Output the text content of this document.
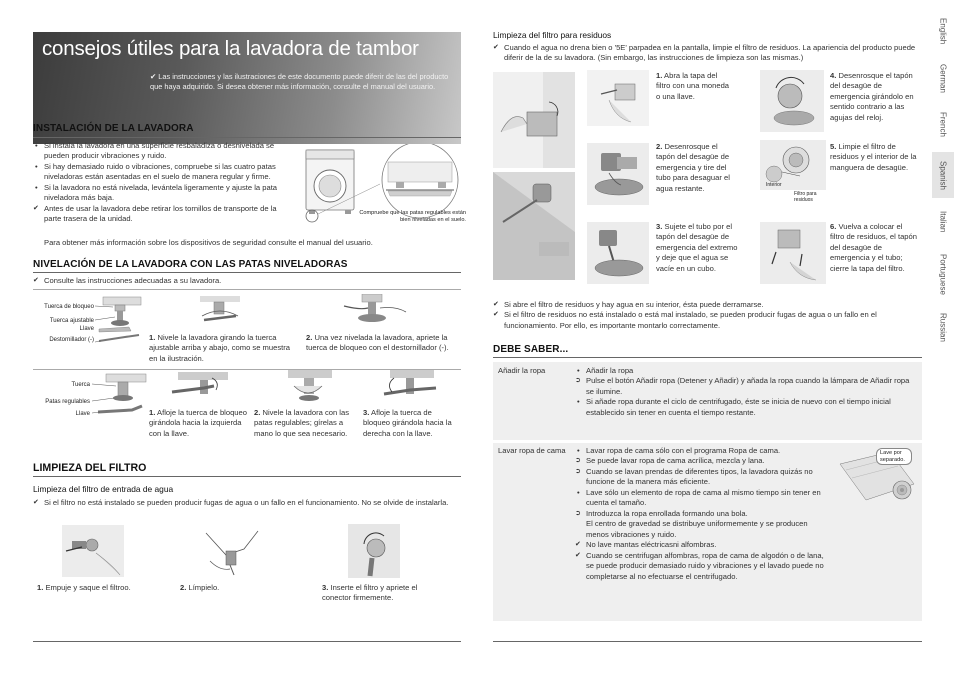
consejos útiles para la lavadora de tambor
✔ Las instrucciones y las ilustraciones de este documento puede diferir de las del producto que haya adquirido. Si desea obtener más información, consulte el manual del usuario.
INSTALACIÓN DE LA LAVADORA
• Si instala la lavadora en una superficie resbaladiza o desnivelada se pueden producir vibraciones y ruido.
• Si hay demasiado ruido o vibraciones, compruebe si las cuatro patas niveladoras están asentadas en el suelo de manera regular y firme.
• Si la lavadora no está nivelada, levántela ligeramente y ajuste la pata niveladora más baja.
✔ Antes de usar la lavadora debe retirar los tornillos de transporte de la parte trasera de la unidad.

Para obtener más información sobre los dispositivos de seguridad consulte el manual del usuario.

Compruebe que las patas regulables están bien niveladas en el suelo.
NIVELACIÓN DE LA LAVADORA CON LAS PATAS NIVELADORAS
✔ Consulte las instrucciones adecuadas a su lavadora.
Tuerca de bloqueo
Tuerca ajustable
Llave
Destornillador (-)	1. Nivele la lavadora girando la tuerca ajustable arriba y abajo, como se muestra en la ilustración.
2. Una vez nivelada la lavadora, apriete la tuerca de bloqueo con el destornillador (-).
Tuerca
Patas regulables
Llave	1. Afloje la tuerca de bloqueo girándola hacia la izquierda con la llave.
2. Nivele la lavadora con las patas regulables; gírelas a mano lo que sea necesario.
3. Afloje la tuerca de bloqueo girándola hacia la derecha con la llave.
LIMPIEZA DEL FILTRO
Limpieza del filtro de entrada de agua
✔ Si el filtro no está instalado se pueden producir fugas de agua o un fallo en el funcionamiento. No se olvide de instalarla.
1. Empuje y saque el filtroo.	2. Límpielo.	3. Inserte el filtro y apriete el conector firmemente.
Limpieza del filtro para residuos
✔ Cuando el agua no drena bien o '5E' parpadea en la pantalla, limpie el filtro de residuos. La apariencia del producto puede diferir de la de su lavadora. (Sin embargo, las instrucciones de limpieza son las mismas.)
1. Abra la tapa del filtro con una moneda o una llave.
4. Desenrosque el tapón del desagüe de emergencia girándolo en sentido contrario a las agujas del reloj.
2. Desenrosque el tapón del desagüe de emergencia y tire del tubo para desaguar el agua restante.	Interior
Filtro para residuos
5. Limpie el filtro de residuos y el interior de la manguera de desagüe.
3. Sujete el tubo por el tapón del desagüe de emergencia del extremo y deje que el agua se vacíe en un cubo.
6. Vuelva a colocar el filtro de residuos, el tapón del desagüe de emergencia y el tubo; cierre la tapa del filtro.
✔ Si abre el filtro de residuos y hay agua en su interior, ésta puede derramarse.
✔ Si el filtro de residuos no está instalado o está mal instalado, se pueden producir fugas de agua o un fallo en el funcionamiento. Por ello, es importante montarlo correctamente.
DEBE SABER...
Añadir la ropa	• Añadir la ropa
➲ Pulse el botón Añadir ropa (Detener y Añadir) y añada la ropa cuando la lámpara de Añadir ropa se ilumine.
• Si añade ropa durante el ciclo de centrifugado, éste se inicia de nuevo con el tiempo inicial establecido sin tener en cuenta el tiempo restante.
Lavar ropa de cama	• Lavar ropa de cama sólo con el programa Ropa de cama.
➲ Se puede lavar ropa de cama acrílica, mezcla y lana.
➲ Cuando se lavan prendas de diferentes tipos, la lavadora quizás no funcione de la manera más eficiente.
• Lave sólo un elemento de ropa de cama al mismo tiempo sin tener en cuenta el tamaño.
➲ Introduzca la ropa enrollada formando una bola.
El centro de gravedad se distribuye uniformemente y se producen menos vibraciones y ruido.
✔ No lave mantas eléctricasni alfombras.
✔ Cuando se centrifugan alfombras, ropa de cama de algodón o de lana, se puede producir demasiado ruido y vibraciones y el lavado puede no completarse al no efectuarse el centrifugado.
Lave por separado.
English
German
French
Spanish
Italian
Portuguese
Russian
